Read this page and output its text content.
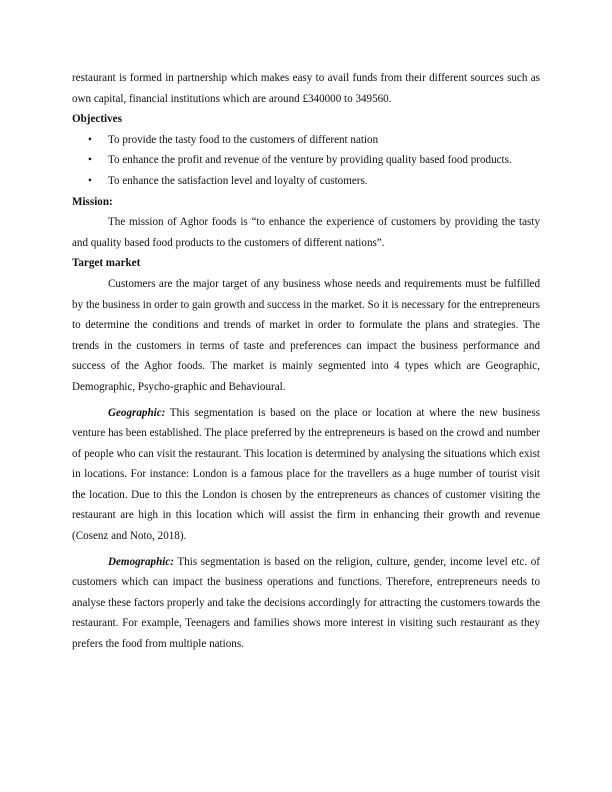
restaurant is formed in partnership which makes easy to avail funds from their different sources such as own capital, financial institutions which are around £340000 to 349560.

Objectives
• To provide the tasty food to the customers of different nation
• To enhance the profit and revenue of the venture by providing quality based food products.
• To enhance the satisfaction level and loyalty of customers.
Mission:

The mission of Aghor foods is “to enhance the experience of customers by providing the tasty and quality based food products to the customers of different nations”.

Target market

Customers are the major target of any business whose needs and requirements must be fulfilled by the business in order to gain growth and success in the market. So it is necessary for the entrepreneurs to determine the conditions and trends of market in order to formulate the plans and strategies. The trends in the customers in terms of taste and preferences can impact the business performance and success of the Aghor foods. The market is mainly segmented into 4 types which are Geographic, Demographic, Psycho-graphic and Behavioural.

Geographic: This segmentation is based on the place or location at where the new business venture has been established. The place preferred by the entrepreneurs is based on the crowd and number of people who can visit the restaurant. This location is determined by analysing the situations which exist in locations. For instance: London is a famous place for the travellers as a huge number of tourist visit the location. Due to this the London is chosen by the entrepreneurs as chances of customer visiting the restaurant are high in this location which will assist the firm in enhancing their growth and revenue (Cosenz and Noto, 2018).

Demographic: This segmentation is based on the religion, culture, gender, income level etc. of customers which can impact the business operations and functions. Therefore, entrepreneurs needs to analyse these factors properly and take the decisions accordingly for attracting the customers towards the restaurant. For example, Teenagers and families shows more interest in visiting such restaurant as they prefers the food from multiple nations.
